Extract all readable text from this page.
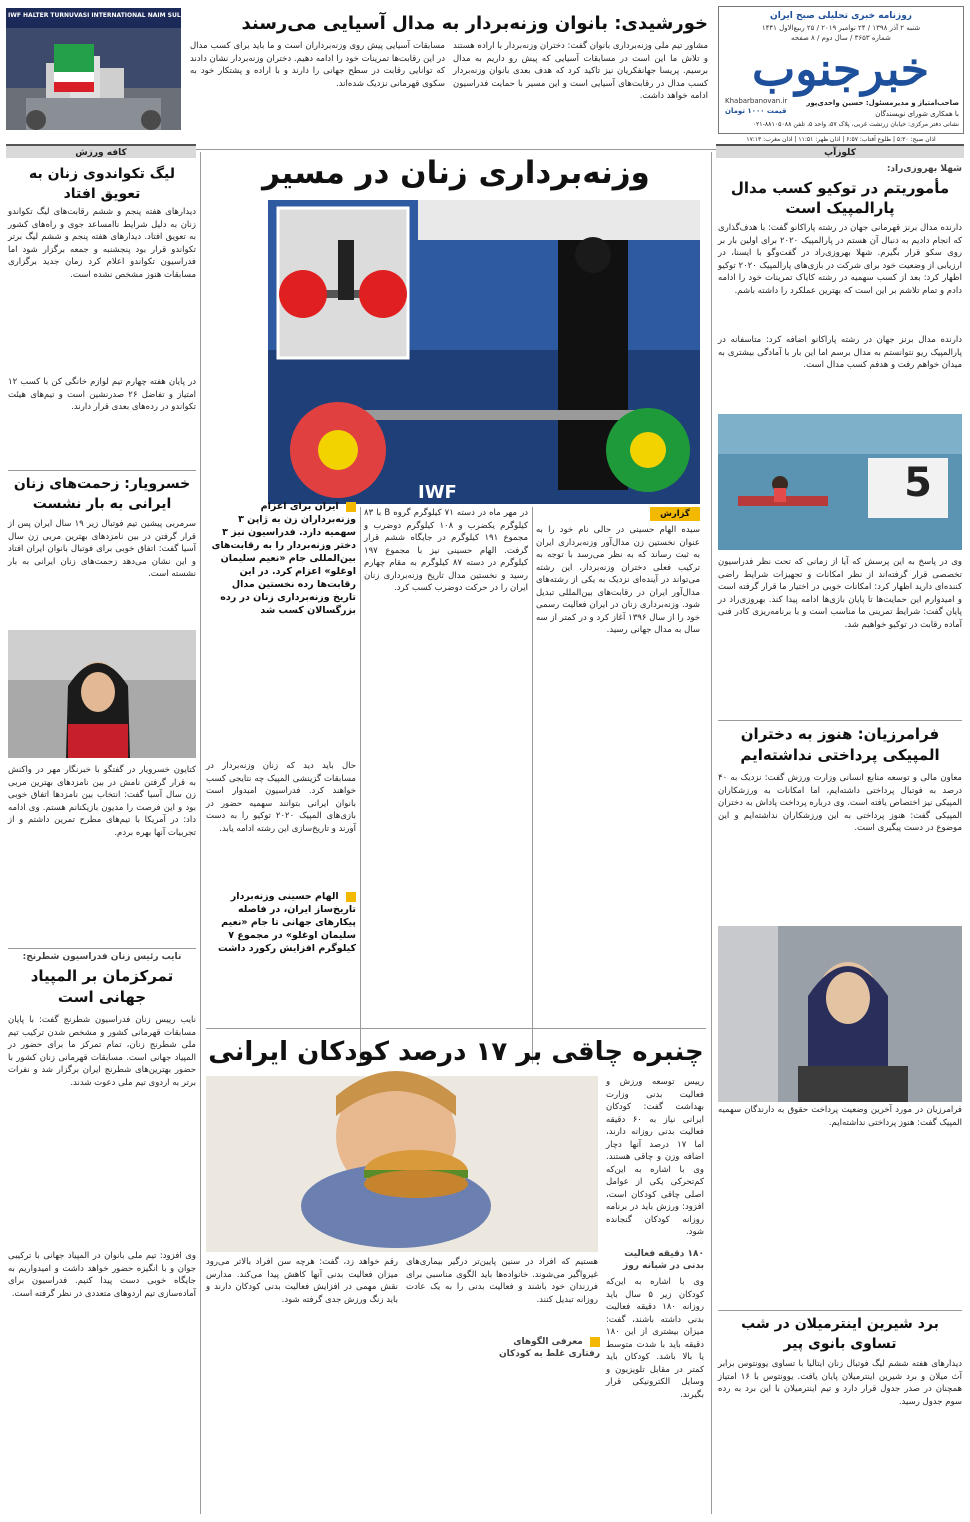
روزنامه خبری تحلیلی صبح ایران
شنبه ۲ آذر ۱۳۹۸ / ۲۴ نوامبر ۲۰۱۹ / ۲۵ ربیع‌الاول ۱۴۴۱
شماره ۳۶۵۳ / سال دوم / ۸ صفحه
خبرجنوب
Khabarbanovan.ir
قیمت ۱۰۰۰ تومان
صاحب‌امتیاز و مدیرمسئول: حسین واحدی‌پور
با همکاری شورای نویسندگان
نشانی دفتر مرکزی: خیابان زرتشت غربی، پلاک ۵۷، واحد ۵، تلفن ۸۸۱۰۵۰۸۸-۰۲۱
اذان صبح: ۵:۳۰ | طلوع آفتاب: ۶:۵۷ | اذان ظهر: ۱۱:۵۱ | اذان مغرب: ۱۷:۱۳
خورشیدی: بانوان وزنه‌بردار به مدال آسیایی می‌رسند
مشاور تیم ملی وزنه‌برداری بانوان گفت: دختران وزنه‌بردار با اراده هستند و تلاش ما این است در مسابقات آسیایی که پیش رو داریم به مدال برسیم. پریسا جهانفکریان نیز تاکید کرد که هدف بعدی بانوان وزنه‌بردار کسب مدال در رقابت‌های آسیایی است و این مسیر با حمایت فدراسیون ادامه خواهد داشت.
مسابقات آسیایی پیش روی وزنه‌برداران است و ما باید برای کسب مدال در این رقابت‌ها تمرینات خود را ادامه دهیم. دختران وزنه‌بردار نشان دادند که توانایی رقابت در سطح جهانی را دارند و با اراده و پشتکار خود به سکوی قهرمانی نزدیک شده‌اند.
IWF HALTER TURNUVASI INTERNATIONAL NAIM SULEYMANOGLU
کلوزآپ
کافه ورزش
وزنه‌برداری زنان در مسیر
IWF
گزارش
سیده الهام حسینی در حالی نام خود را به عنوان نخستین زن مدال‌آور وزنه‌برداری ایران به ثبت رساند که به نظر می‌رسد با توجه به ترکیب فعلی دختران وزنه‌بردار، این رشته می‌تواند در آینده‌ای نزدیک به یکی از رشته‌های مدال‌آور ایران در رقابت‌های بین‌المللی تبدیل شود. وزنه‌برداری زنان در ایران فعالیت رسمی خود را از سال ۱۳۹۶ آغاز کرد و در کمتر از سه سال به مدال جهانی رسید.
در مهر ماه در دسته ۷۱ کیلوگرم گروه B با ۸۳ کیلوگرم یکضرب و ۱۰۸ کیلوگرم دوضرب و مجموع ۱۹۱ کیلوگرم در جایگاه ششم قرار گرفت. الهام حسینی نیز با مجموع ۱۹۷ کیلوگرم در دسته ۸۷ کیلوگرم به مقام چهارم رسید و نخستین مدال تاریخ وزنه‌برداری زنان ایران را در حرکت دوضرب کسب کرد.
حال باید دید که زنان وزنه‌بردار در مسابقات گزینشی المپیک چه نتایجی کسب خواهند کرد. فدراسیون امیدوار است بانوان ایرانی بتوانند سهمیه حضور در بازی‌های المپیک ۲۰۲۰ توکیو را به دست آورند و تاریخ‌سازی این رشته ادامه یابد.
ایران برای اعزام وزنه‌برداران زن به ژاپن ۳ سهمیه دارد. فدراسیون نیز ۳ دختر وزنه‌بردار را به رقابت‌های بین‌المللی جام «نعیم سلیمان اوغلو» اعزام کرد. در این رقابت‌ها رده نخستین مدال تاریخ وزنه‌برداری زنان در رده بزرگسالان کسب شد
الهام حسینی وزنه‌بردار تاریخ‌ساز ایران، در فاصله پیکارهای جهانی تا جام «نعیم سلیمان اوغلو» در مجموع ۷ کیلوگرم افزایش رکورد داشت
چنبره چاقی بر ۱۷ درصد کودکان ایرانی
رییس توسعه ورزش و فعالیت بدنی وزارت بهداشت گفت: کودکان ایرانی نیاز به ۶۰ دقیقه فعالیت بدنی روزانه دارند، اما ۱۷ درصد آنها دچار اضافه وزن و چاقی هستند. وی با اشاره به این‌که کم‌تحرکی یکی از عوامل اصلی چاقی کودکان است، افزود: ورزش باید در برنامه روزانه کودکان گنجانده شود.
۱۸۰ دقیقه فعالیت بدنی در شبانه روز
وی با اشاره به این‌که کودکان زیر ۵ سال باید روزانه ۱۸۰ دقیقه فعالیت بدنی داشته باشند، گفت: میزان بیشتری از این ۱۸۰ دقیقه باید با شدت متوسط یا بالا باشد. کودکان باید کمتر در مقابل تلویزیون و وسایل الکترونیکی قرار بگیرند.
معرفی الگوهای رفتاری غلط به کودکان
هستیم که افراد در سنین پایین‌تر درگیر بیماری‌های غیرواگیر می‌شوند. خانواده‌ها باید الگوی مناسبی برای فرزندان خود باشند و فعالیت بدنی را به یک عادت روزانه تبدیل کنند.
رقم خواهد زد، گفت: هرچه سن افراد بالاتر می‌رود میزان فعالیت بدنی آنها کاهش پیدا می‌کند. مدارس نقش مهمی در افزایش فعالیت بدنی کودکان دارند و باید زنگ ورزش جدی گرفته شود.
شهلا بهروزی‌راد:
مأموریتم در توکیو کسب مدال پارالمپیک است
دارنده مدال برنز قهرمانی جهان در رشته پاراکانو گفت: با هدف‌گذاری که انجام دادیم به دنبال آن هستم در پارالمپیک ۲۰۲۰ برای اولین بار بر روی سکو قرار بگیرم. شهلا بهروزی‌راد در گفت‌وگو با ایسنا، در ارزیابی از وضعیت خود برای شرکت در بازی‌های پارالمپیک ۲۰۲۰ توکیو اظهار کرد: بعد از کسب سهمیه در رشته کایاک تمرینات خود را ادامه دادم و تمام تلاشم بر این است که بهترین عملکرد را داشته باشم.
دارنده مدال برنز جهان در رشته پاراکانو اضافه کرد: متاسفانه در پارالمپیک ریو نتوانستم به مدال برسم اما این بار با آمادگی بیشتری به میدان خواهم رفت و هدفم کسب مدال است.
5
وی در پاسخ به این پرسش که آیا از زمانی که تحت نظر فدراسیون تخصصی قرار گرفته‌اند از نظر امکانات و تجهیزات شرایط راضی کننده‌ای دارید اظهار کرد: امکانات خوبی در اختیار ما قرار گرفته است و امیدوارم این حمایت‌ها تا پایان بازی‌ها ادامه پیدا کند. بهروزی‌راد در پایان گفت: شرایط تمرینی ما مناسب است و با برنامه‌ریزی کادر فنی آماده رقابت در توکیو خواهیم شد.
فرامرزیان: هنوز به دختران المپیکی پرداختی نداشته‌ایم
معاون مالی و توسعه منابع انسانی وزارت ورزش گفت: نزدیک به ۴۰ درصد به فوتبال پرداختی داشته‌ایم، اما امکانات به ورزشکاران المپیکی نیز اختصاص یافته است. وی درباره پرداخت پاداش به دختران المپیکی گفت: هنوز پرداختی به این ورزشکاران نداشته‌ایم و این موضوع در دست پیگیری است.
فرامرزیان در مورد آخرین وضعیت پرداخت حقوق به دارندگان سهمیه المپیک گفت: هنوز پرداختی نداشته‌ایم.
برد شیرین اینترمیلان در شب تساوی بانوی پیر
دیدارهای هفته ششم لیگ فوتبال زنان ایتالیا با تساوی یوونتوس برابر آث میلان و برد شیرین اینترمیلان پایان یافت. یوونتوس با ۱۶ امتیاز همچنان در صدر جدول قرار دارد و تیم اینترمیلان با این برد به رده سوم جدول رسید.
لیگ تکواندوی زنان به تعویق افتاد
دیدارهای هفته پنجم و ششم رقابت‌های لیگ تکواندو زنان به دلیل شرایط ناامساعد جوی و راه‌های کشور به تعویق افتاد. دیدارهای هفته پنجم و ششم لیگ برتر تکواندو قرار بود پنجشنبه و جمعه برگزار شود اما فدراسیون تکواندو اعلام کرد زمان جدید برگزاری مسابقات هنوز مشخص نشده است.
در پایان هفته چهارم تیم لوازم خانگی کن با کسب ۱۲ امتیاز و تفاضل ۲۶ صدرنشین است و تیم‌های هیئت تکواندو در رده‌های بعدی قرار دارند.
خسرویار: زحمت‌های زنان ایرانی به بار نشست
سرمربی پیشین تیم فوتبال زیر ۱۹ سال ایران پس از قرار گرفتن در بین نامزدهای بهترین مربی زن سال آسیا گفت: اتفاق خوبی برای فوتبال بانوان ایران افتاد و این نشان می‌دهد زحمت‌های زنان ایرانی به بار نشسته است.
کتایون خسرویار در گفتگو با خبرنگار مهر در واکنش به قرار گرفتن نامش در بین نامزدهای بهترین مربی زن سال آسیا گفت: انتخاب بین نامزدها اتفاق خوبی بود و این فرصت را مدیون بازیکنانم هستم. وی ادامه داد: در آمریکا با تیم‌های مطرح تمرین داشتم و از تجربیات آنها بهره بردم.
نایب رئیس زنان فدراسیون شطرنج:
تمرکزمان بر المپیاد جهانی است
نایب رییس زنان فدراسیون شطرنج گفت: با پایان مسابقات قهرمانی کشور و مشخص شدن ترکیب تیم ملی شطرنج زنان، تمام تمرکز ما برای حضور در المپیاد جهانی است. مسابقات قهرمانی زنان کشور با حضور بهترین‌های شطرنج ایران برگزار شد و نفرات برتر به اردوی تیم ملی دعوت شدند.
وی افزود: تیم ملی بانوان در المپیاد جهانی با ترکیبی جوان و با انگیزه حضور خواهد داشت و امیدواریم به جایگاه خوبی دست پیدا کنیم. فدراسیون برای آماده‌سازی تیم اردوهای متعددی در نظر گرفته است.
